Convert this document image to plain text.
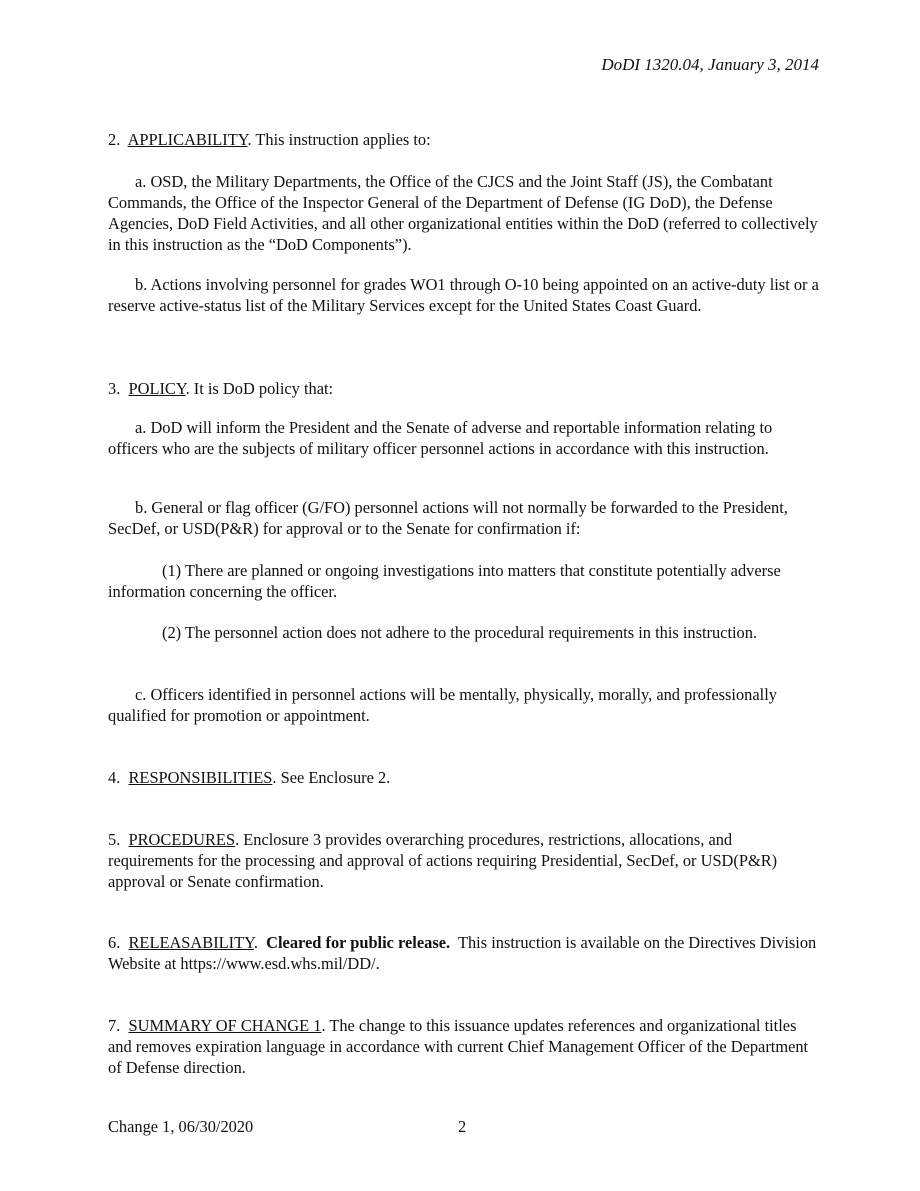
DoDI 1320.04, January 3, 2014
2. APPLICABILITY. This instruction applies to:
a. OSD, the Military Departments, the Office of the CJCS and the Joint Staff (JS), the Combatant Commands, the Office of the Inspector General of the Department of Defense (IG DoD), the Defense Agencies, DoD Field Activities, and all other organizational entities within the DoD (referred to collectively in this instruction as the “DoD Components”).
b. Actions involving personnel for grades WO1 through O-10 being appointed on an active-duty list or a reserve active-status list of the Military Services except for the United States Coast Guard.
3. POLICY. It is DoD policy that:
a. DoD will inform the President and the Senate of adverse and reportable information relating to officers who are the subjects of military officer personnel actions in accordance with this instruction.
b. General or flag officer (G/FO) personnel actions will not normally be forwarded to the President, SecDef, or USD(P&R) for approval or to the Senate for confirmation if:
(1) There are planned or ongoing investigations into matters that constitute potentially adverse information concerning the officer.
(2) The personnel action does not adhere to the procedural requirements in this instruction.
c. Officers identified in personnel actions will be mentally, physically, morally, and professionally qualified for promotion or appointment.
4. RESPONSIBILITIES. See Enclosure 2.
5. PROCEDURES. Enclosure 3 provides overarching procedures, restrictions, allocations, and requirements for the processing and approval of actions requiring Presidential, SecDef, or USD(P&R) approval or Senate confirmation.
6. RELEASABILITY.  Cleared for public release.  This instruction is available on the Directives Division Website at https://www.esd.whs.mil/DD/.
7. SUMMARY OF CHANGE 1. The change to this issuance updates references and organizational titles and removes expiration language in accordance with current Chief Management Officer of the Department of Defense direction.
Change 1, 06/30/2020	2
